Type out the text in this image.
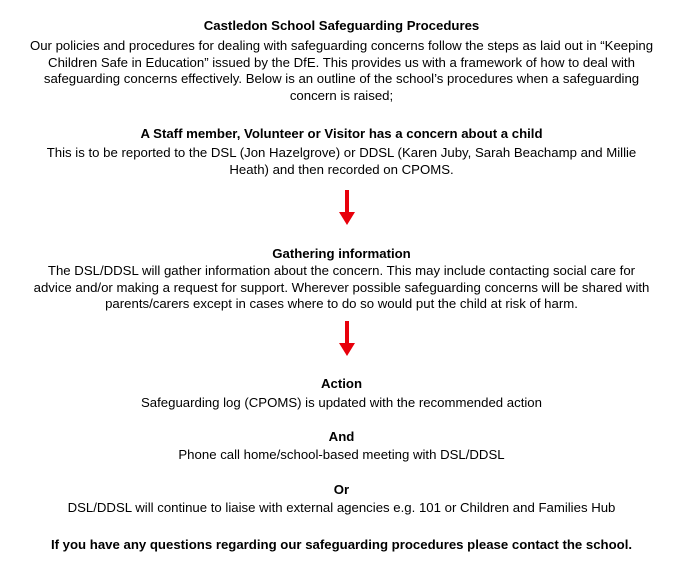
Castledon School Safeguarding Procedures

Our policies and procedures for dealing with safeguarding concerns follow the steps as laid out in “Keeping
Children Safe in Education” issued by the DfE. This provides us with a framework of how to deal with
safeguarding concerns effectively. Below is an outline of the school’s procedures when a safeguarding
concern is raised;

A Staff member, Volunteer or Visitor has a concern about a child

This is to be reported to the DSL (Jon Hazelgrove) or DDSL (Karen Juby, Sarah Beachamp and Millie
Heath) and then recorded on CPOMS.

Gathering information

The DSL/DDSL will gather information about the concern. This may include contacting social care for
advice and/or making a request for support. Wherever possible safeguarding concerns will be shared with
parents/carers except in cases where to do so would put the child at risk of harm.

Action
Safeguarding log (CPOMS) is updated with the recommended action
And
Phone call home/school-based meeting with DSL/DDSL
Or
DSL/DDSL will continue to liaise with external agencies e.g. 101 or Children and Families Hub
If you have any questions regarding our safeguarding procedures please contact the school.
